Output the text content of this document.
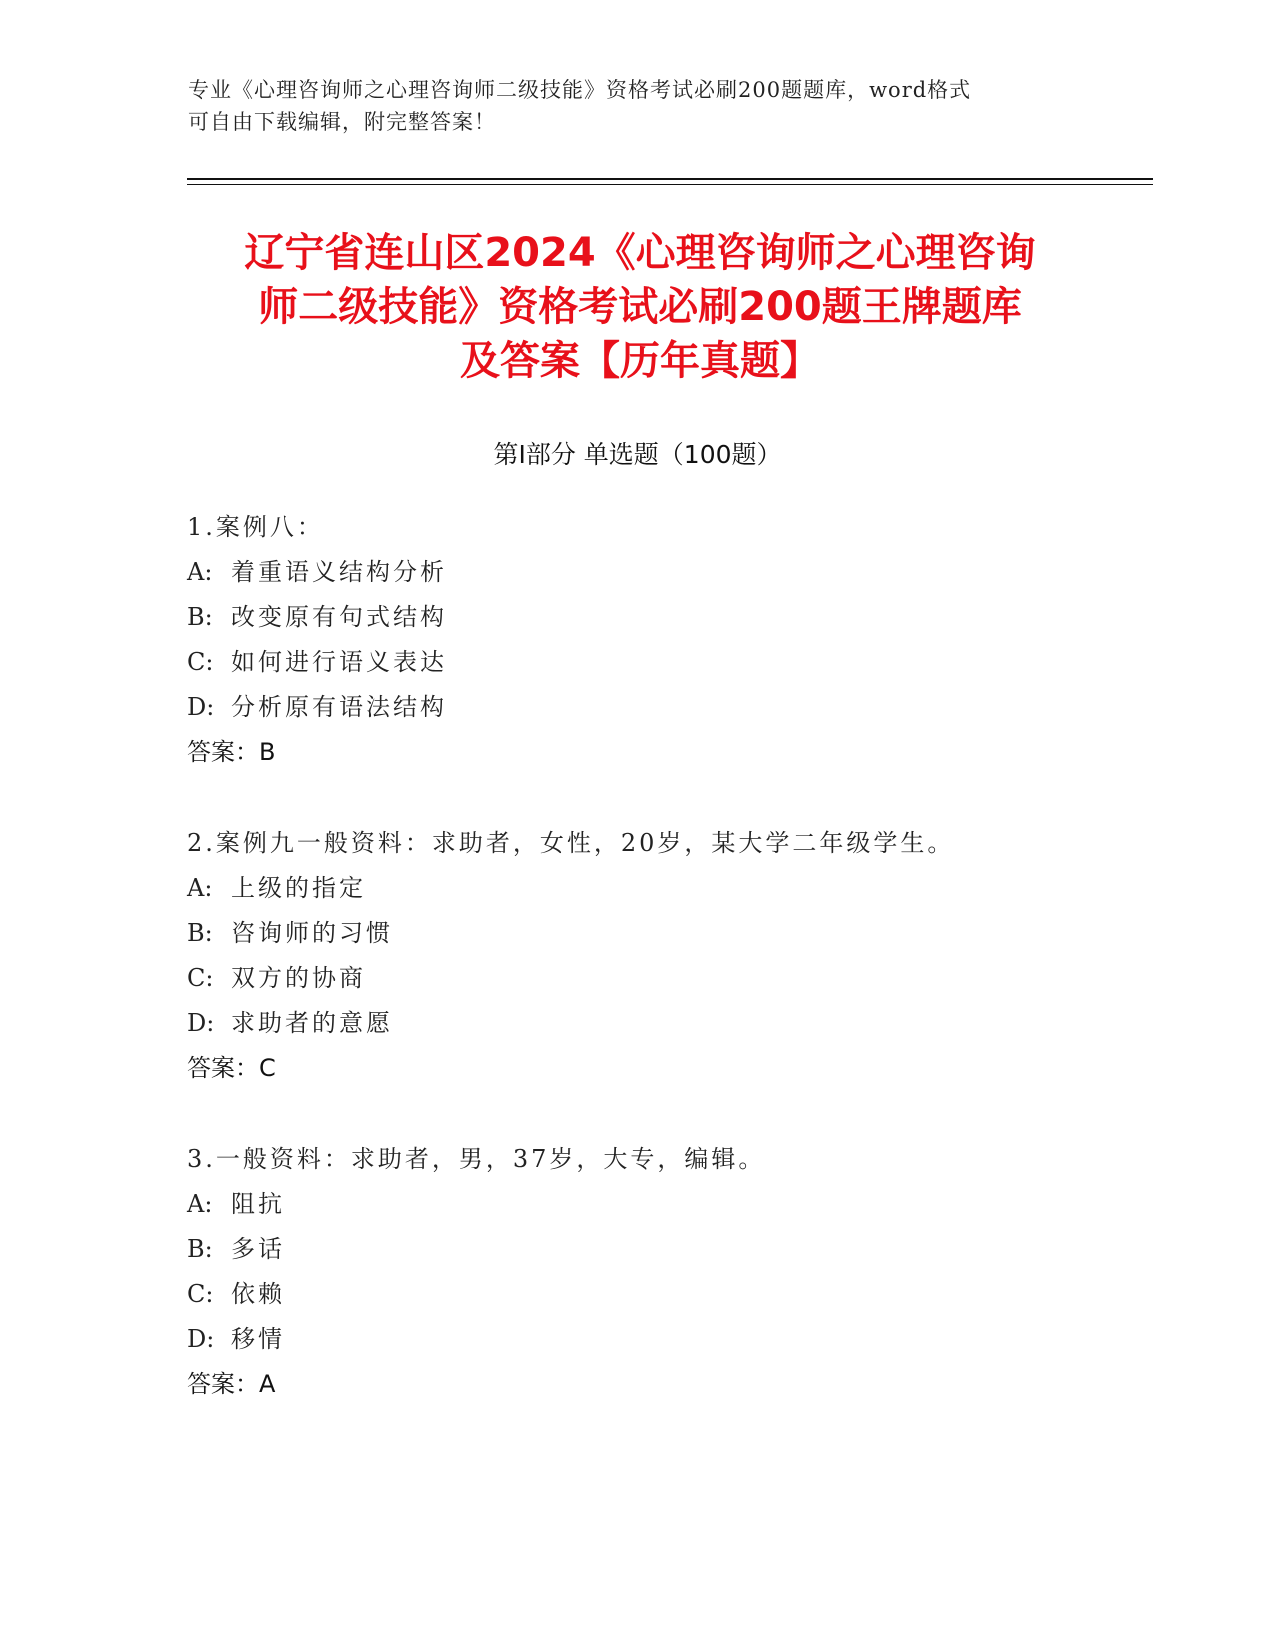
专业《心理咨询师之心理咨询师二级技能》资格考试必刷200题题库，word格式
可自由下载编辑，附完整答案！
辽宁省连山区2024《心理咨询师之心理咨询
师二级技能》资格考试必刷200题王牌题库
及答案【历年真题】
第Ⅰ部分 单选题（100题）
1.案例八：
A: 着重语义结构分析
B: 改变原有句式结构
C: 如何进行语义表达
D: 分析原有语法结构
答案：B
2.案例九一般资料：求助者，女性，20岁，某大学二年级学生。
A: 上级的指定
B: 咨询师的习惯
C: 双方的协商
D: 求助者的意愿
答案：C
3.一般资料：求助者，男，37岁，大专，编辑。
A: 阻抗
B: 多话
C: 依赖
D: 移情
答案：A
